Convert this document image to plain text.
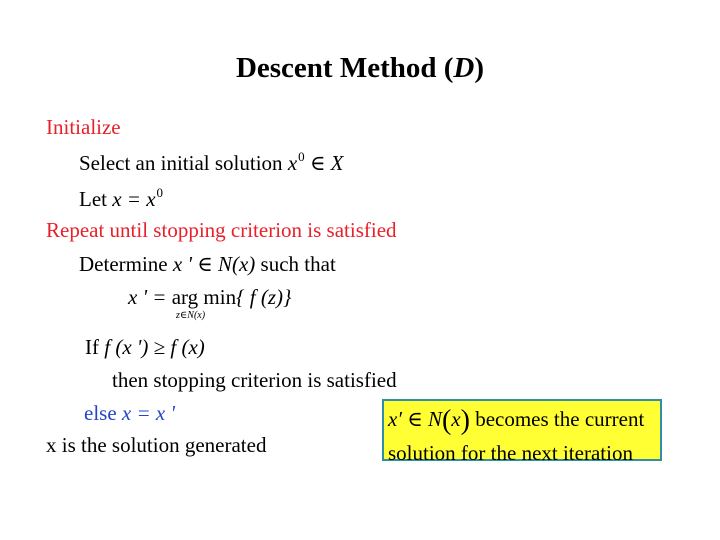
Descent Method (D)
Initialize
Select an initial solution $x^0$ ∈ X
Let $x = x^0$
Repeat until stopping criterion is satisfied
Determine x ' ∈ N(x) such that
x ' = arg min{ f (z)}
z∈N(x)
If f (x ') ≥ f (x)
then stopping criterion is satisfied
else x = x '
x is the solution generated
x′ ∈ N(x) becomes the current
solution for the next iteration
